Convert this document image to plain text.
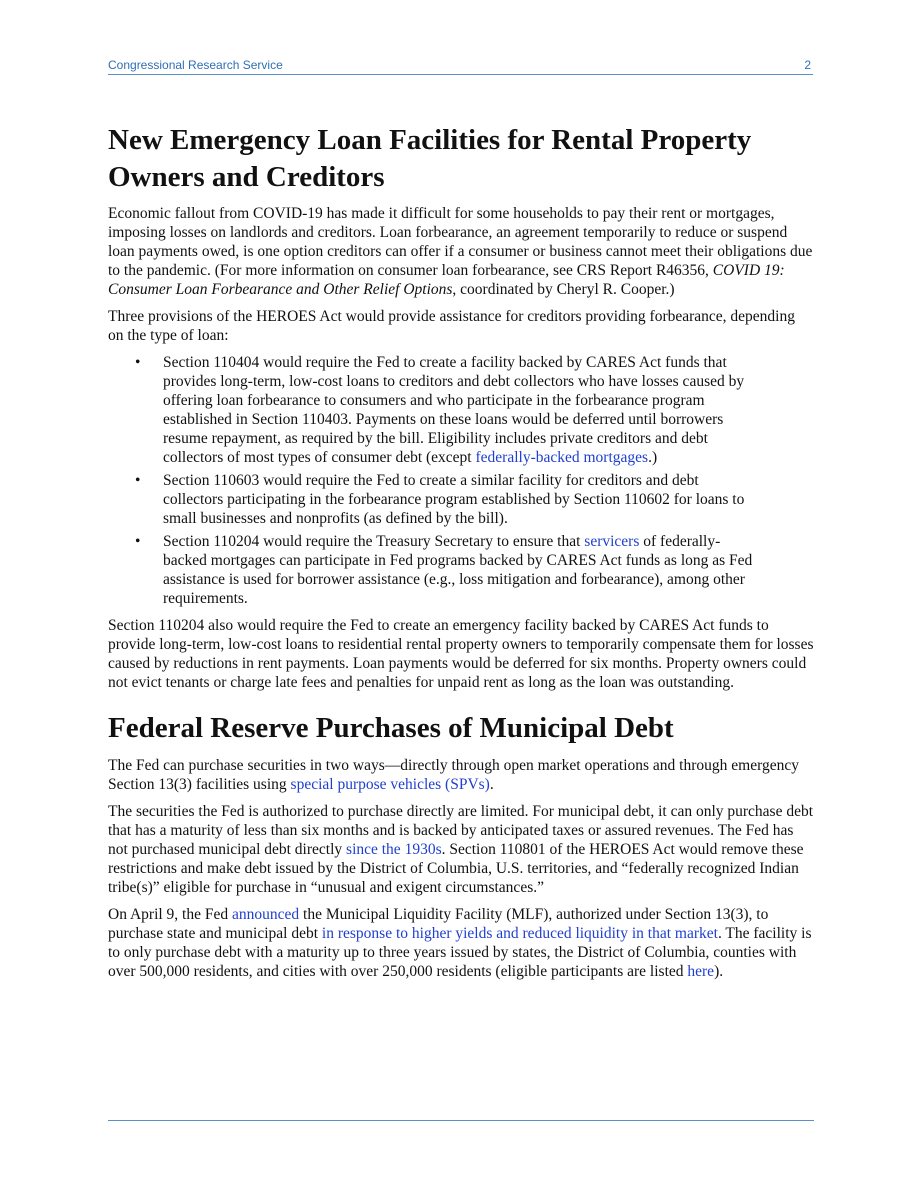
Congressional Research Service	2
New Emergency Loan Facilities for Rental Property Owners and Creditors

Economic fallout from COVID-19 has made it difficult for some households to pay their rent or mortgages, imposing losses on landlords and creditors. Loan forbearance, an agreement temporarily to reduce or suspend loan payments owed, is one option creditors can offer if a consumer or business cannot meet their obligations due to the pandemic. (For more information on consumer loan forbearance, see CRS Report R46356, COVID 19: Consumer Loan Forbearance and Other Relief Options, coordinated by Cheryl R. Cooper.)

Three provisions of the HEROES Act would provide assistance for creditors providing forbearance, depending on the type of loan:

• Section 110404 would require the Fed to create a facility backed by CARES Act funds that provides long-term, low-cost loans to creditors and debt collectors who have losses caused by offering loan forbearance to consumers and who participate in the forbearance program established in Section 110403. Payments on these loans would be deferred until borrowers resume repayment, as required by the bill. Eligibility includes private creditors and debt collectors of most types of consumer debt (except federally-backed mortgages.)
• Section 110603 would require the Fed to create a similar facility for creditors and debt collectors participating in the forbearance program established by Section 110602 for loans to small businesses and nonprofits (as defined by the bill).
• Section 110204 would require the Treasury Secretary to ensure that servicers of federally-backed mortgages can participate in Fed programs backed by CARES Act funds as long as Fed assistance is used for borrower assistance (e.g., loss mitigation and forbearance), among other requirements.

Section 110204 also would require the Fed to create an emergency facility backed by CARES Act funds to provide long-term, low-cost loans to residential rental property owners to temporarily compensate them for losses caused by reductions in rent payments. Loan payments would be deferred for six months. Property owners could not evict tenants or charge late fees and penalties for unpaid rent as long as the loan was outstanding.

Federal Reserve Purchases of Municipal Debt

The Fed can purchase securities in two ways—directly through open market operations and through emergency Section 13(3) facilities using special purpose vehicles (SPVs).

The securities the Fed is authorized to purchase directly are limited. For municipal debt, it can only purchase debt that has a maturity of less than six months and is backed by anticipated taxes or assured revenues. The Fed has not purchased municipal debt directly since the 1930s. Section 110801 of the HEROES Act would remove these restrictions and make debt issued by the District of Columbia, U.S. territories, and “federally recognized Indian tribe(s)” eligible for purchase in “unusual and exigent circumstances.”

On April 9, the Fed announced the Municipal Liquidity Facility (MLF), authorized under Section 13(3), to purchase state and municipal debt in response to higher yields and reduced liquidity in that market. The facility is to only purchase debt with a maturity up to three years issued by states, the District of Columbia, counties with over 500,000 residents, and cities with over 250,000 residents (eligible participants are listed here).
